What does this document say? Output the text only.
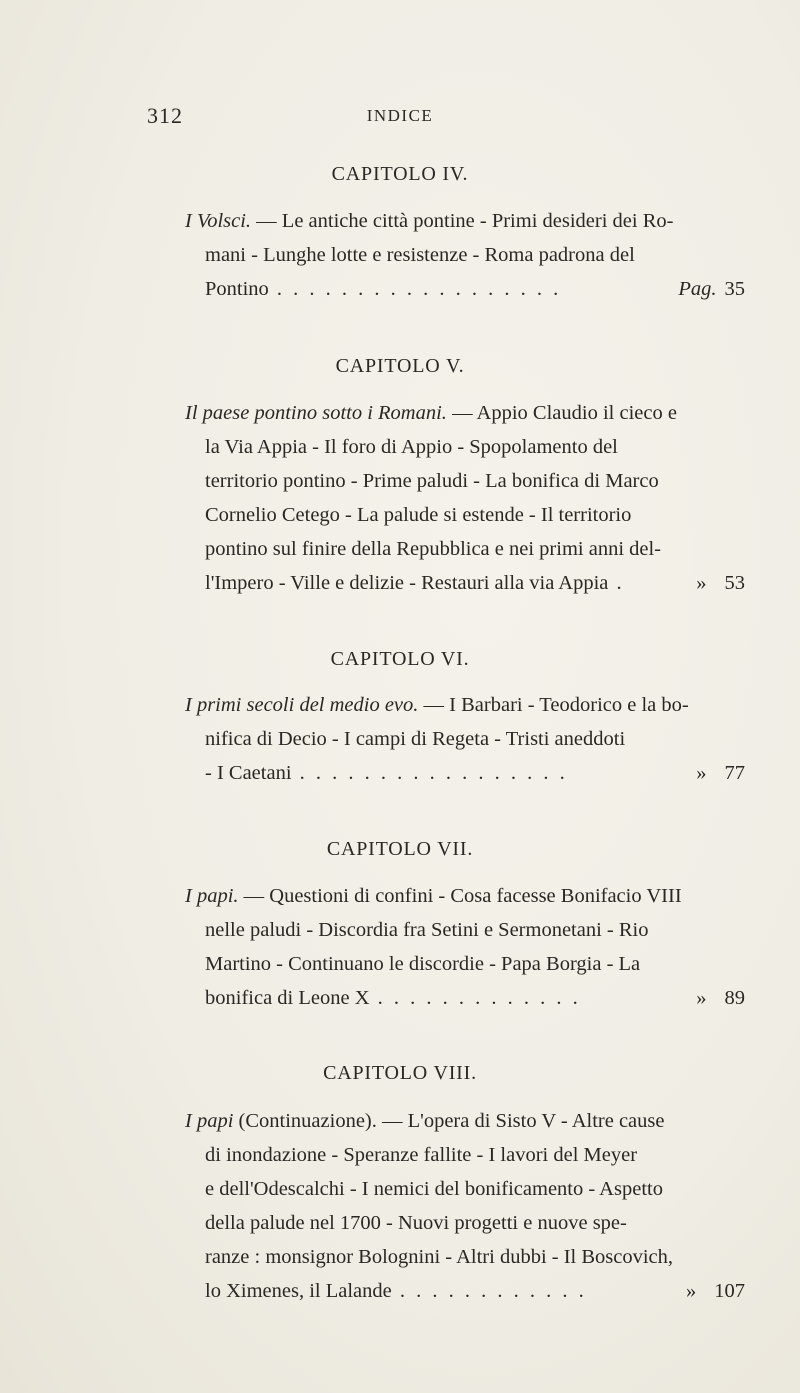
312	INDICE
CAPITOLO IV.
I Volsci. — Le antiche città pontine - Primi desideri dei Ro-
mani - Lunghe lotte e resistenze - Roma padrona del
Pontino . . . . . . . . . . . . . . . . . .	Pag. 35
CAPITOLO V.
Il paese pontino sotto i Romani. — Appio Claudio il cieco e
la Via Appia - Il foro di Appio - Spopolamento del
territorio pontino - Prime paludi - La bonifica di Marco
Cornelio Cetego - La palude si estende - Il territorio
pontino sul finire della Repubblica e nei primi anni del-
l'Impero - Ville e delizie - Restauri alla via Appia .	» 53
CAPITOLO VI.
I primi secoli del medio evo. — I Barbari - Teodorico e la bo-
nifica di Decio - I campi di Regeta - Tristi aneddoti
- I Caetani . . . . . . . . . . . . . . . . .	» 77
CAPITOLO VII.
I papi. — Questioni di confini - Cosa facesse Bonifacio VIII
nelle paludi - Discordia fra Setini e Sermonetani - Rio
Martino - Continuano le discordie - Papa Borgia - La
bonifica di Leone X . . . . . . . . . . . . .	» 89
CAPITOLO VIII.
I papi (Continuazione). — L'opera di Sisto V - Altre cause
di inondazione - Speranze fallite - I lavori del Meyer
e dell'Odescalchi - I nemici del bonificamento - Aspetto
della palude nel 1700 - Nuovi progetti e nuove spe-
ranze : monsignor Bolognini - Altri dubbi - Il Boscovich,
lo Ximenes, il Lalande . . . . . . . . . . . .	» 107
